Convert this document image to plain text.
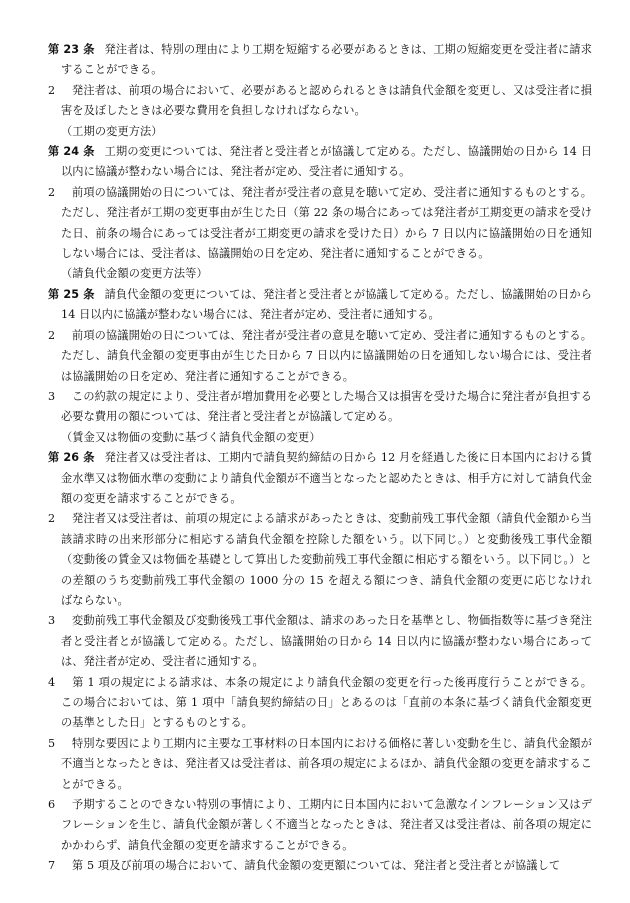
第 23 条 発注者は、特別の理由により工期を短縮する必要があるときは、工期の短縮変更を受注者に請求することができる。

2 発注者は、前項の場合において、必要があると認められるときは請負代金額を変更し、又は受注者に損害を及ぼしたときは必要な費用を負担しなければならない。

（工期の変更方法）

第 24 条 工期の変更については、発注者と受注者とが協議して定める。ただし、協議開始の日から 14 日以内に協議が整わない場合には、発注者が定め、受注者に通知する。

2 前項の協議開始の日については、発注者が受注者の意見を聴いて定め、受注者に通知するものとする。ただし、発注者が工期の変更事由が生じた日（第 22 条の場合にあっては発注者が工期変更の請求を受けた日、前条の場合にあっては受注者が工期変更の請求を受けた日）から 7 日以内に協議開始の日を通知しない場合には、受注者は、協議開始の日を定め、発注者に通知することができる。

（請負代金額の変更方法等）

第 25 条 請負代金額の変更については、発注者と受注者とが協議して定める。ただし、協議開始の日から 14 日以内に協議が整わない場合には、発注者が定め、受注者に通知する。

2 前項の協議開始の日については、発注者が受注者の意見を聴いて定め、受注者に通知するものとする。ただし、請負代金額の変更事由が生じた日から 7 日以内に協議開始の日を通知しない場合には、受注者は協議開始の日を定め、発注者に通知することができる。

3 この約款の規定により、受注者が増加費用を必要とした場合又は損害を受けた場合に発注者が負担する必要な費用の額については、発注者と受注者とが協議して定める。

（賃金又は物価の変動に基づく請負代金額の変更）

第 26 条 発注者又は受注者は、工期内で請負契約締結の日から 12 月を経過した後に日本国内における賃金水準又は物価水準の変動により請負代金額が不適当となったと認めたときは、相手方に対して請負代金額の変更を請求することができる。

2 発注者又は受注者は、前項の規定による請求があったときは、変動前残工事代金額（請負代金額から当該請求時の出来形部分に相応する請負代金額を控除した額をいう。以下同じ。）と変動後残工事代金額（変動後の賃金又は物価を基礎として算出した変動前残工事代金額に相応する額をいう。以下同じ。）との差額のうち変動前残工事代金額の 1000 分の 15 を超える額につき、請負代金額の変更に応じなければならない。

3 変動前残工事代金額及び変動後残工事代金額は、請求のあった日を基準とし、物価指数等に基づき発注者と受注者とが協議して定める。ただし、協議開始の日から 14 日以内に協議が整わない場合にあっては、発注者が定め、受注者に通知する。

4 第 1 項の規定による請求は、本条の規定により請負代金額の変更を行った後再度行うことができる。この場合においては、第 1 項中「請負契約締結の日」とあるのは「直前の本条に基づく請負代金額変更の基準とした日」とするものとする。

5 特別な要因により工期内に主要な工事材料の日本国内における価格に著しい変動を生じ、請負代金額が不適当となったときは、発注者又は受注者は、前各項の規定によるほか、請負代金額の変更を請求することができる。

6 予期することのできない特別の事情により、工期内に日本国内において急激なインフレーション又はデフレーションを生じ、請負代金額が著しく不適当となったときは、発注者又は受注者は、前各項の規定にかかわらず、請負代金額の変更を請求することができる。

7 第 5 項及び前項の場合において、請負代金額の変更額については、発注者と受注者とが協議して
